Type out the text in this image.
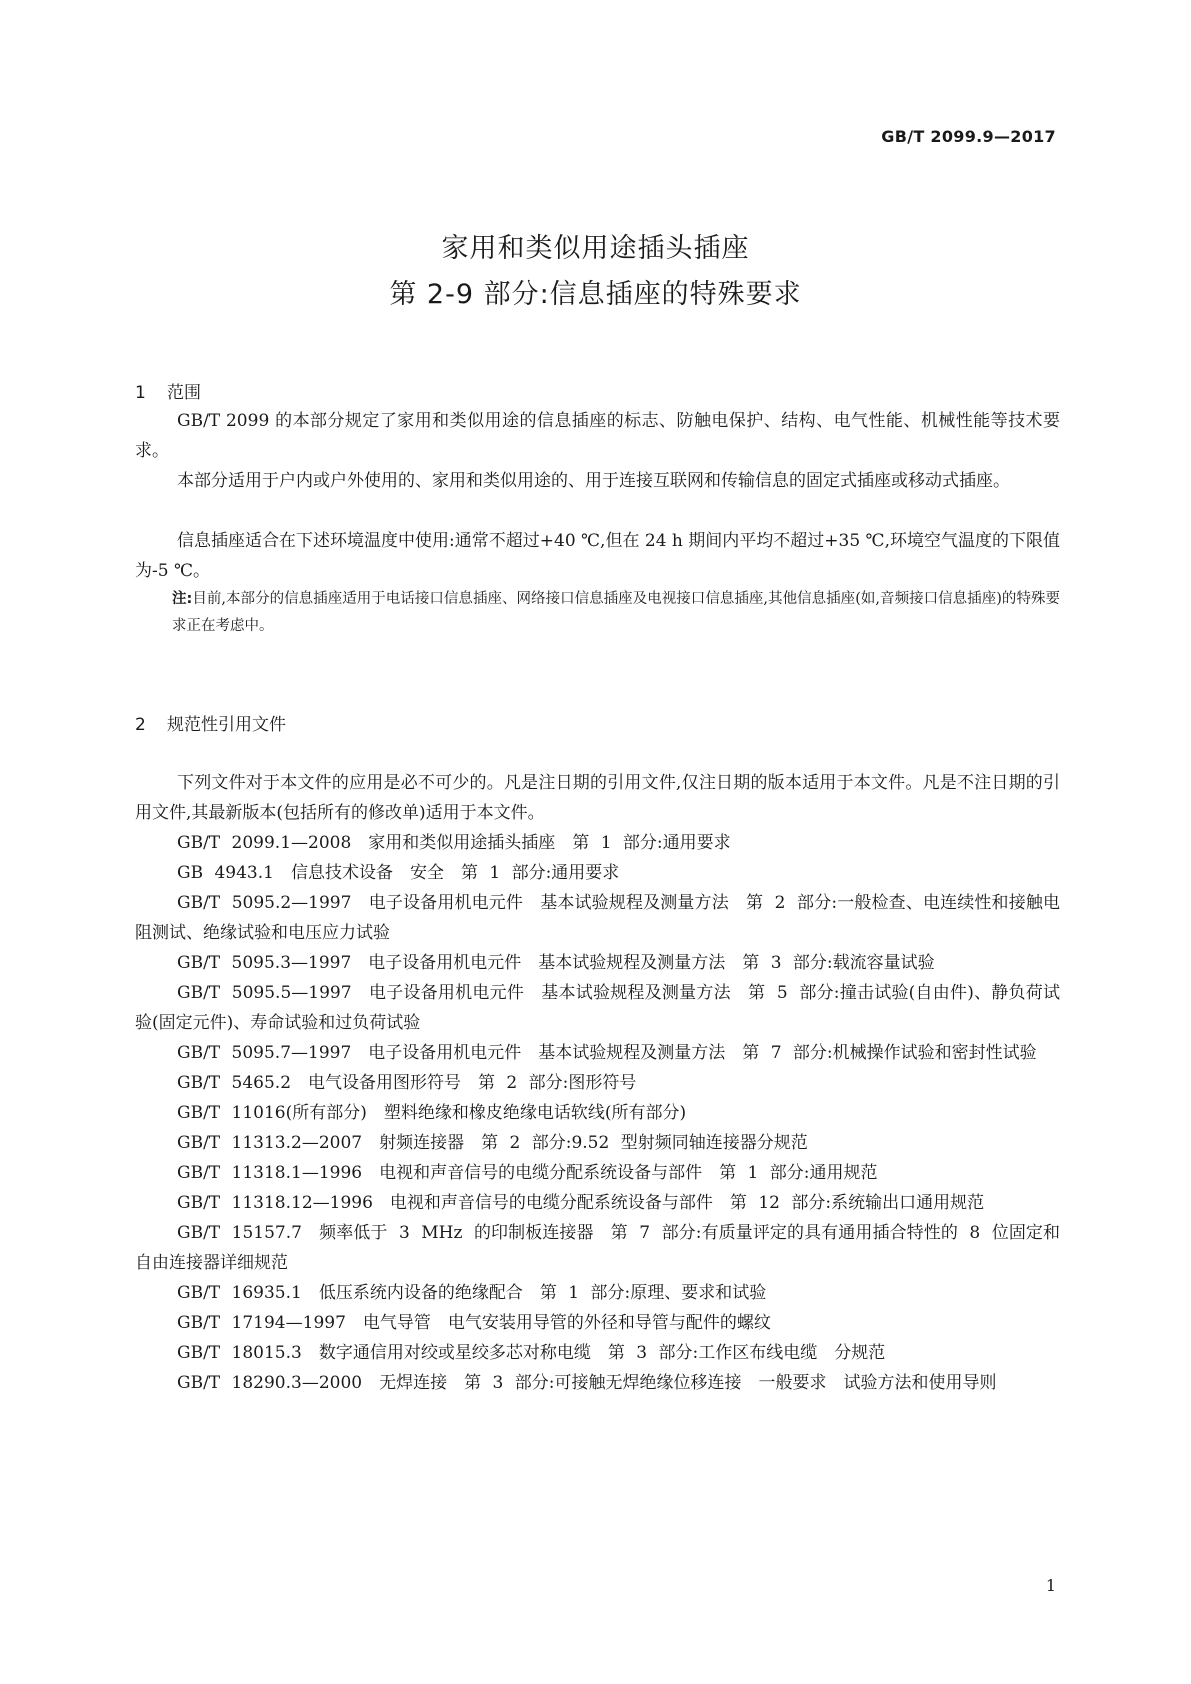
GB/T 2099.9—2017
家用和类似用途插头插座
第 2-9 部分:信息插座的特殊要求
1 范围

GB/T 2099 的本部分规定了家用和类似用途的信息插座的标志、防触电保护、结构、电气性能、机械性能等技术要求。

本部分适用于户内或户外使用的、家用和类似用途的、用于连接互联网和传输信息的固定式插座或移动式插座。

信息插座适合在下述环境温度中使用:通常不超过+40 ℃,但在 24 h 期间内平均不超过+35 ℃,环境空气温度的下限值为-5 ℃。

注:目前,本部分的信息插座适用于电话接口信息插座、网络接口信息插座及电视接口信息插座,其他信息插座(如,音频接口信息插座)的特殊要求正在考虑中。

2 规范性引用文件

下列文件对于本文件的应用是必不可少的。凡是注日期的引用文件,仅注日期的版本适用于本文件。凡是不注日期的引用文件,其最新版本(包括所有的修改单)适用于本文件。

GB/T 2099.1—2008　家用和类似用途插头插座　第 1 部分:通用要求

GB 4943.1　信息技术设备　安全　第 1 部分:通用要求

GB/T 5095.2—1997　电子设备用机电元件　基本试验规程及测量方法　第 2 部分:一般检查、电连续性和接触电阻测试、绝缘试验和电压应力试验

GB/T 5095.3—1997　电子设备用机电元件　基本试验规程及测量方法　第 3 部分:载流容量试验

GB/T 5095.5—1997　电子设备用机电元件　基本试验规程及测量方法　第 5 部分:撞击试验(自由件)、静负荷试验(固定元件)、寿命试验和过负荷试验

GB/T 5095.7—1997　电子设备用机电元件　基本试验规程及测量方法　第 7 部分:机械操作试验和密封性试验

GB/T 5465.2　电气设备用图形符号　第 2 部分:图形符号

GB/T 11016(所有部分)　塑料绝缘和橡皮绝缘电话软线(所有部分)

GB/T 11313.2—2007　射频连接器　第 2 部分:9.52 型射频同轴连接器分规范

GB/T 11318.1—1996　电视和声音信号的电缆分配系统设备与部件　第 1 部分:通用规范

GB/T 11318.12—1996　电视和声音信号的电缆分配系统设备与部件　第 12 部分:系统输出口通用规范

GB/T 15157.7　频率低于 3 MHz 的印制板连接器　第 7 部分:有质量评定的具有通用插合特性的 8 位固定和自由连接器详细规范

GB/T 16935.1　低压系统内设备的绝缘配合　第 1 部分:原理、要求和试验

GB/T 17194—1997　电气导管　电气安装用导管的外径和导管与配件的螺纹

GB/T 18015.3　数字通信用对绞或星绞多芯对称电缆　第 3 部分:工作区布线电缆　分规范

GB/T 18290.3—2000　无焊连接　第 3 部分:可接触无焊绝缘位移连接　一般要求　试验方法和使用导则

1
